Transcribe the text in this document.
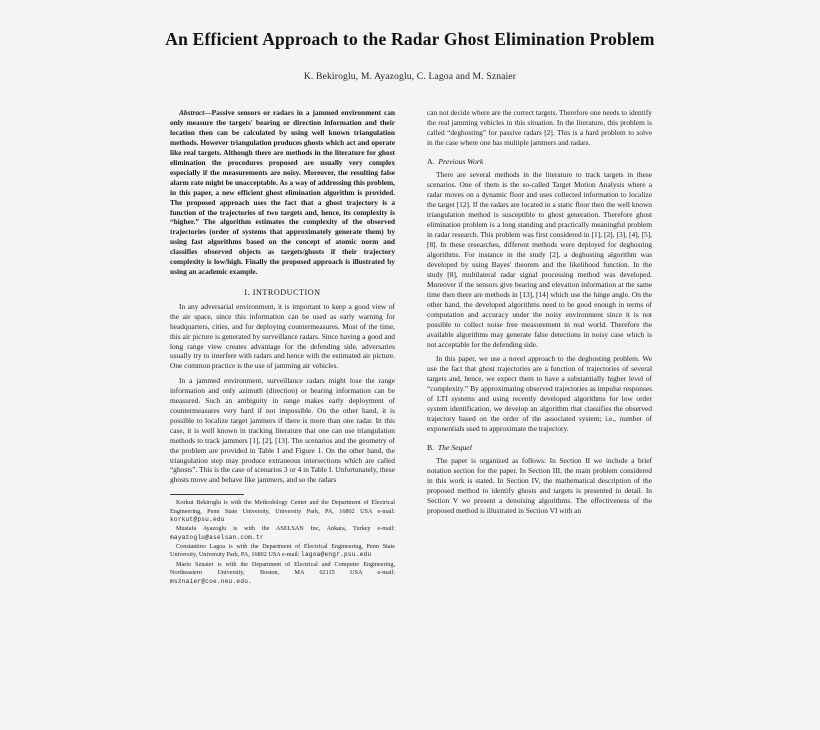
An Efficient Approach to the Radar Ghost Elimination Problem
K. Bekiroglu, M. Ayazoglu, C. Lagoa and M. Sznaier

Abstract—Passive sensors or radars in a jammed environment can only measure the targets' bearing or direction information and their location then can be calculated by using well known triangulation methods. However triangulation produces ghosts which act and operate like real targets. Although there are methods in the literature for ghost elimination the procedures proposed are usually very complex especially if the measurements are noisy. Moreover, the resulting false alarm rate might be unacceptable. As a way of addressing this problem, in this paper, a new efficient ghost elimination algorithm is provided. The proposed approach uses the fact that a ghost trajectory is a function of the trajectories of two targets and, hence, its complexity is “higher.” The algorithm estimates the complexity of the observed trajectories (order of systems that approximately generate them) by using fast algorithms based on the concept of atomic norm and classifies observed objects as targets/ghosts if their trajectory complexity is low/high. Finally the proposed approach is illustrated by using an academic example.

I. INTRODUCTION

In any adversarial environment, it is important to keep a good view of the air space, since this information can be used as early warning for headquarters, cities, and for deploying countermeasures. Most of the time, this air picture is generated by surveillance radars. Since having a good and long range view creates advantage for the defending side, adversaries usually try to interfere with radars and hence with the estimated air picture. One common practice is the use of jamming air vehicles.

In a jammed environment, surveillance radars might lose the range information and only azimuth (direction) or bearing information can be measured. Such an ambiguity in range makes early deployment of countermeasures very hard if not impossible. On the other hand, it is possible to localize target jammers if there is more than one radar. In this case, it is well known in tracking literature that one can use triangulation methods to track jammers [1], [2], [13]. The scenarios and the geometry of the problem are provided in Table I and Figure 1. On the other hand, the triangulation step may produce extraneous intersections which are called “ghosts”. This is the case of scenarios 3 or 4 in Table I. Unfortunately, these ghosts move and behave like jammers, and so the radars

Korkut Bekiroglu is with the Methodology Center and the Department of Electrical Engineering, Penn State University, University Park, PA, 16802 USA e-mail: korkut@psu.edu

Mustafa Ayazoglu is with the ASELSAN Inc, Ankara, Turkey e-mail: mayazoglu@aselsan.com.tr

Constantino Lagoa is with the Department of Electrical Engineering, Penn State University, University Park, PA, 16802 USA e-mail: lagoa@engr.psu.edu

Mario Sznaier is with the Department of Electrical and Computer Engineering, Northeastern University, Boston, MA 02115 USA e-mail: msznaier@coe.neu.edu.

can not decide where are the correct targets. Therefore one needs to identify the real jamming vehicles in this situation. In the literature, this problem is called “deghosting” for passive radars [2]. This is a hard problem to solve in the case where one has multiple jammers and radars.

A. Previous Work

There are several methods in the literature to track targets in these scenarios. One of them is the so-called Target Motion Analysis where a radar moves on a dynamic floor and uses collected information to localize the target [12]. If the radars are located in a static floor then the well known triangulation method is susceptible to ghost generation. Therefore ghost elimination problem is a long standing and practically meaningful problem in radar research. This problem was first considered in [1], [2], [3], [4], [5], [8]. In these researches, different methods were deployed for deghosting algorithms. For instance in the study [2], a deghosting algorithm was developed by using Bayes' theorem and the likelihood function. In the study [8], multilateral radar signal processing method was developed. Moreover if the sensors give bearing and elevation information at the same time then there are methods in [13], [14] which use the hinge angle. On the other hand, the developed algorithms need to be good enough in terms of computation and accuracy under the noisy environment since it is not possible to collect noise free measurement in real world. Therefore the available algorithms may generate false detections in noisy case which is not acceptable for the defending side.

In this paper, we use a novel approach to the deghosting problem. We use the fact that ghost trajectories are a function of trajectories of several targets and, hence, we expect them to have a substantially higher level of “complexity.” By approximating observed trajectories as impulse responses of LTI systems and using recently developed algorithms for low order system identification, we develop an algorithm that classifies the observed trajectory based on the order of the associated system; i.e., number of exponentials used to approximate the trajectory.

B. The Sequel

The paper is organized as follows: In Section II we include a brief notation section for the paper. In Section III, the main problem considered in this work is stated. In Section IV, the mathematical description of the proposed method to identify ghosts and targets is presented in detail. In Section V we present a denoising algorithms. The effectiveness of the proposed method is illustrated in Section VI with an
